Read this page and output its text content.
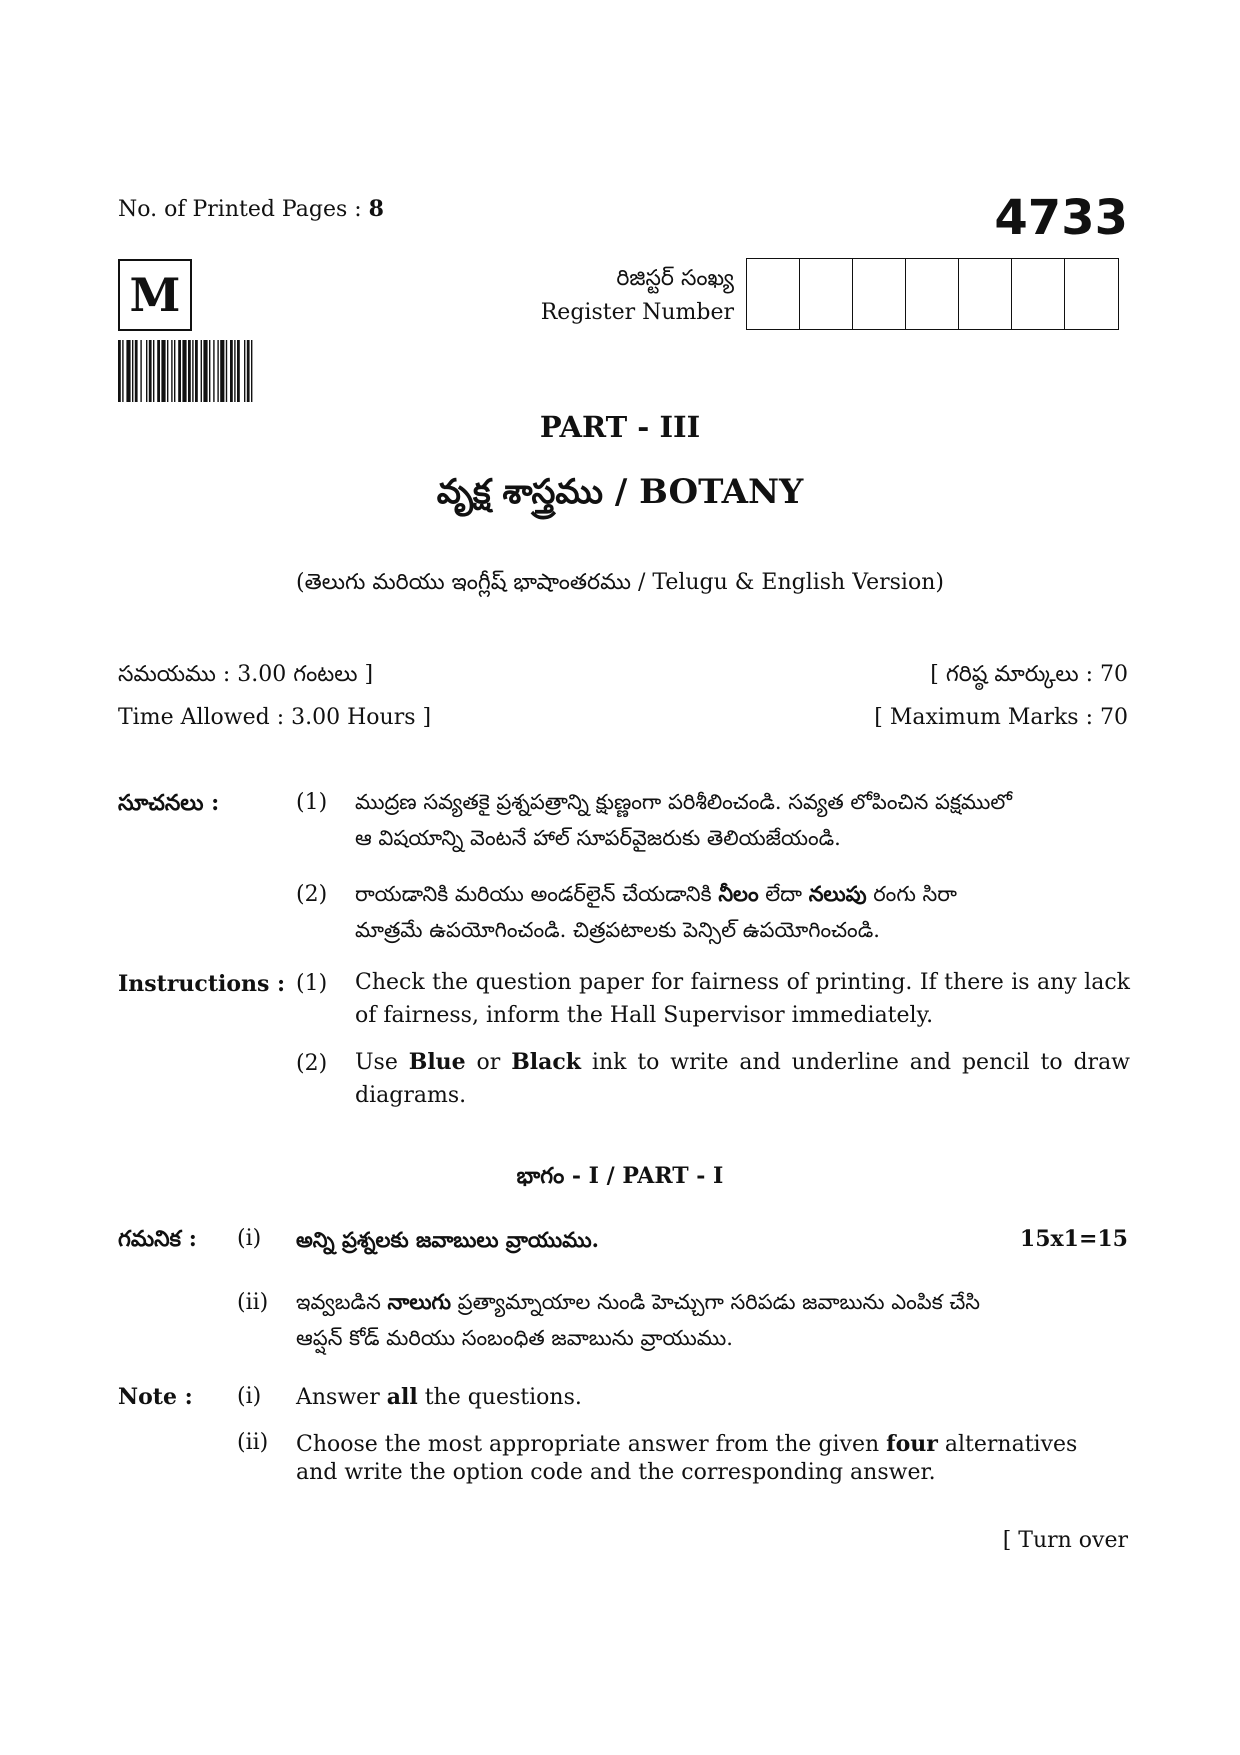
No. of Printed Pages : 8	4733
M	రిజిస్టర్ సంఖ్య
Register Number
PART - III
వృక్ష శాస్త్రము / BOTANY
(తెలుగు మరియు ఇంగ్లీష్ భాషాంతరము / Telugu & English Version)
సమయము : 3.00 గంటలు ]	[ గరిష్ఠ మార్కులు : 70
Time Allowed : 3.00 Hours ]	[ Maximum Marks : 70
సూచనలు :	(1) ముద్రణ సవ్యతకై ప్రశ్నపత్రాన్ని క్షుణ్ణంగా పరిశీలించండి. సవ్యత లోపించిన పక్షములో
ఆ విషయాన్ని వెంటనే హాల్ సూపర్‌వైజరుకు తెలియజేయండి.
(2) రాయడానికి మరియు అండర్‌లైన్ చేయడానికి నీలం లేదా నలుపు రంగు సిరా
మాత్రమే ఉపయోగించండి. చిత్రపటాలకు పెన్సిల్ ఉపయోగించండి.
Instructions : (1) Check the question paper for fairness of printing. If there is any lack of fairness, inform the Hall Supervisor immediately.
(2) Use Blue or Black ink to write and underline and pencil to draw diagrams.
భాగం - I / PART - I
గమనిక : (i) అన్ని ప్రశ్నలకు జవాబులు వ్రాయుము.	15x1=15
(ii) ఇవ్వబడిన నాలుగు ప్రత్యామ్నాయాల నుండి హెచ్చుగా సరిపడు జవాబును ఎంపిక చేసి
ఆప్షన్ కోడ్ మరియు సంబంధిత జవాబును వ్రాయుము.
Note : (i) Answer all the questions.
(ii) Choose the most appropriate answer from the given four alternatives and write the option code and the corresponding answer.
[ Turn over
